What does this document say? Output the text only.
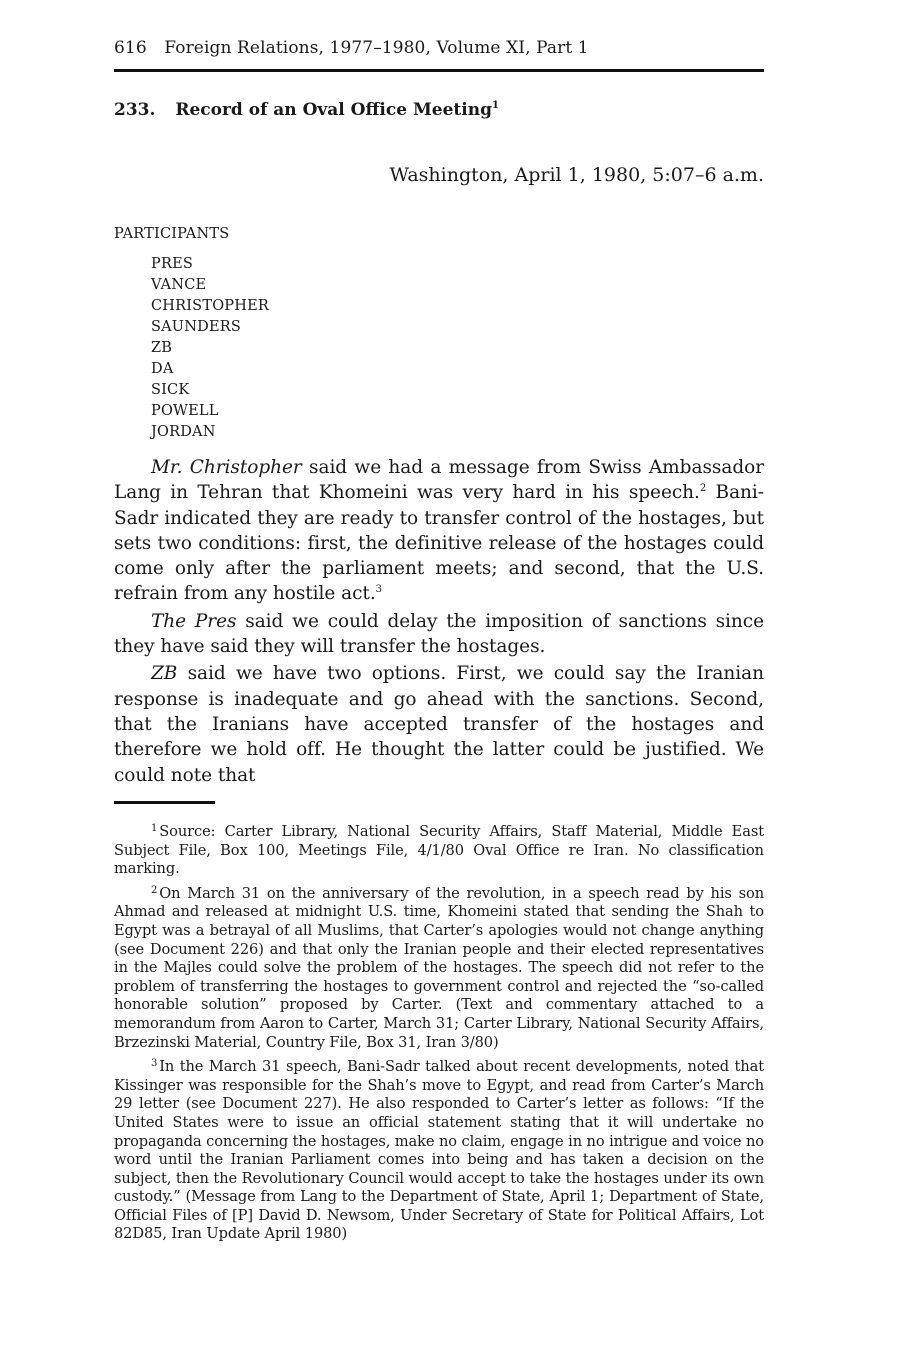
616 Foreign Relations, 1977–1980, Volume XI, Part 1
233. Record of an Oval Office Meeting$^1$
Washington, April 1, 1980, 5:07–6 a.m.
PARTICIPANTS
PRES
VANCE
CHRISTOPHER
SAUNDERS
ZB
DA
SICK
POWELL
JORDAN

Mr. Christopher said we had a message from Swiss Ambassador Lang in Tehran that Khomeini was very hard in his speech.$^2$ Bani-Sadr indicated they are ready to transfer control of the hostages, but sets two conditions: first, the definitive release of the hostages could come only after the parliament meets; and second, that the U.S. refrain from any hostile act.$^3$

The Pres said we could delay the imposition of sanctions since they have said they will transfer the hostages.

ZB said we have two options. First, we could say the Iranian response is inadequate and go ahead with the sanctions. Second, that the Iranians have accepted transfer of the hostages and therefore we hold off. He thought the latter could be justified. We could note that

$^1$ Source: Carter Library, National Security Affairs, Staff Material, Middle East Subject File, Box 100, Meetings File, 4/1/80 Oval Office re Iran. No classification marking.

$^2$ On March 31 on the anniversary of the revolution, in a speech read by his son Ahmad and released at midnight U.S. time, Khomeini stated that sending the Shah to Egypt was a betrayal of all Muslims, that Carter’s apologies would not change anything (see Document 226) and that only the Iranian people and their elected representatives in the Majles could solve the problem of the hostages. The speech did not refer to the problem of transferring the hostages to government control and rejected the “so-called honorable solution” proposed by Carter. (Text and commentary attached to a memorandum from Aaron to Carter, March 31; Carter Library, National Security Affairs, Brzezinski Material, Country File, Box 31, Iran 3/80)

$^3$ In the March 31 speech, Bani-Sadr talked about recent developments, noted that Kissinger was responsible for the Shah’s move to Egypt, and read from Carter’s March 29 letter (see Document 227). He also responded to Carter’s letter as follows: “If the United States were to issue an official statement stating that it will undertake no propaganda concerning the hostages, make no claim, engage in no intrigue and voice no word until the Iranian Parliament comes into being and has taken a decision on the subject, then the Revolutionary Council would accept to take the hostages under its own custody.” (Message from Lang to the Department of State, April 1; Department of State, Official Files of [P] David D. Newsom, Under Secretary of State for Political Affairs, Lot 82D85, Iran Update April 1980)
